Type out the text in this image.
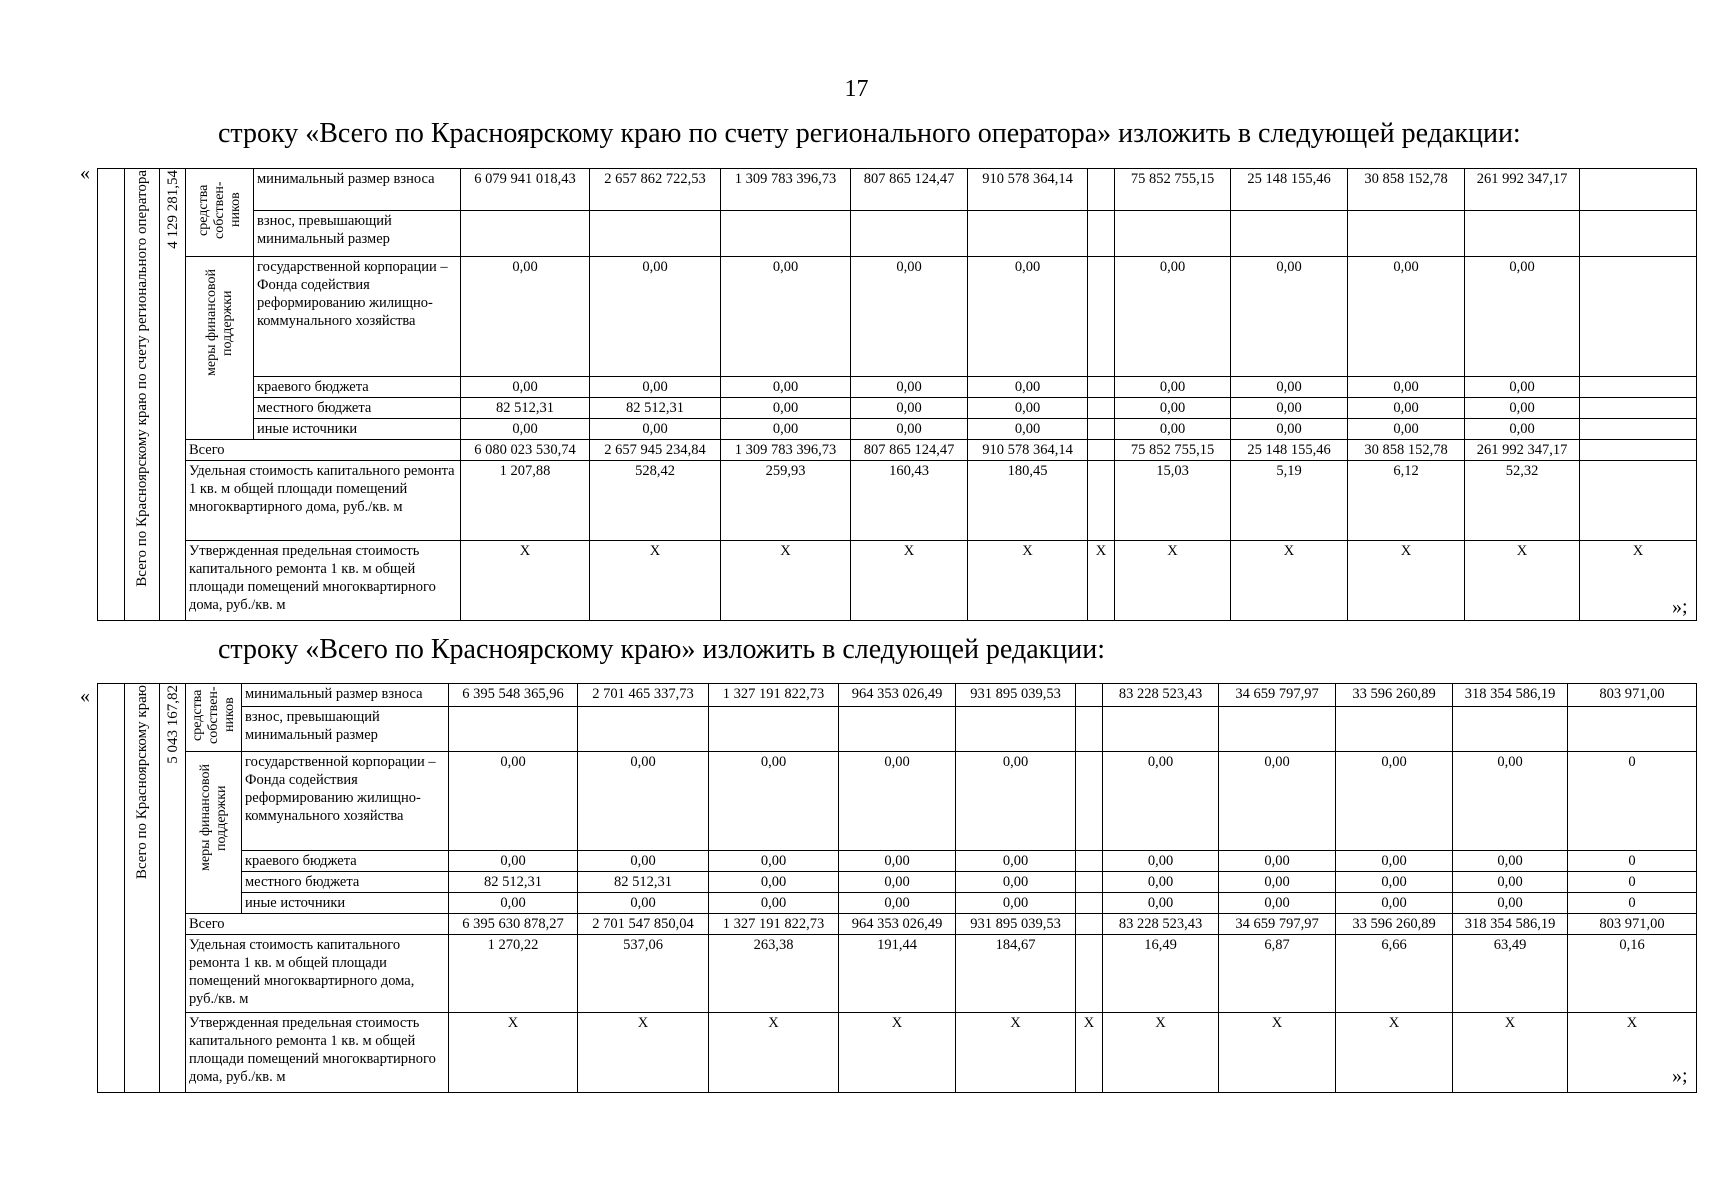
17
строку «Всего по Красноярскому краю по счету регионального оператора» изложить в следующей редакции:
«
»;
	Всего по Красноярскому краю по счету регионального оператора	4 129 281,54	средства собствен-ников	минимальный размер взноса	6 079 941 018,43	2 657 862 722,53	1 309 783 396,73	807 865 124,47	910 578 364,14		75 852 755,15	25 148 155,46	30 858 152,78	261 992 347,17	
				взнос, превышающий минимальный размер											
			меры финансовой поддержки	государственной корпорации – Фонда содействия реформированию жилищно-коммунального хозяйства	0,00	0,00	0,00	0,00	0,00		0,00	0,00	0,00	0,00	
				краевого бюджета	0,00	0,00	0,00	0,00	0,00		0,00	0,00	0,00	0,00	
				местного бюджета	82 512,31	82 512,31	0,00	0,00	0,00		0,00	0,00	0,00	0,00	
				иные источники	0,00	0,00	0,00	0,00	0,00		0,00	0,00	0,00	0,00	
			Всего		6 080 023 530,74	2 657 945 234,84	1 309 783 396,73	807 865 124,47	910 578 364,14		75 852 755,15	25 148 155,46	30 858 152,78	261 992 347,17	
			Удельная стоимость капитального ремонта 1 кв. м общей площади помещений многоквартирного дома, руб./кв. м		1 207,88	528,42	259,93	160,43	180,45		15,03	5,19	6,12	52,32	
			Утвержденная предельная стоимость капитального ремонта 1 кв. м общей площади помещений многоквартирного дома, руб./кв. м		X	X	X	X	X	X	X	X	X	X	X
строку «Всего по Красноярскому краю» изложить в следующей редакции:
«
»;
	Всего по Красноярскому краю	5 043 167,82	средства собствен-ников	минимальный размер взноса	6 395 548 365,96	2 701 465 337,73	1 327 191 822,73	964 353 026,49	931 895 039,53		83 228 523,43	34 659 797,97	33 596 260,89	318 354 586,19	803 971,00
				взнос, превышающий минимальный размер											
			меры финансовой поддержки	государственной корпорации – Фонда содействия реформированию жилищно-коммунального хозяйства	0,00	0,00	0,00	0,00	0,00		0,00	0,00	0,00	0,00	0
				краевого бюджета	0,00	0,00	0,00	0,00	0,00		0,00	0,00	0,00	0,00	0
				местного бюджета	82 512,31	82 512,31	0,00	0,00	0,00		0,00	0,00	0,00	0,00	0
				иные источники	0,00	0,00	0,00	0,00	0,00		0,00	0,00	0,00	0,00	0
			Всего		6 395 630 878,27	2 701 547 850,04	1 327 191 822,73	964 353 026,49	931 895 039,53		83 228 523,43	34 659 797,97	33 596 260,89	318 354 586,19	803 971,00
			Удельная стоимость капитального ремонта 1 кв. м общей площади помещений многоквартирного дома, руб./кв. м		1 270,22	537,06	263,38	191,44	184,67		16,49	6,87	6,66	63,49	0,16
			Утвержденная предельная стоимость капитального ремонта 1 кв. м общей площади помещений многоквартирного дома, руб./кв. м		X	X	X	X	X	X	X	X	X	X	X
